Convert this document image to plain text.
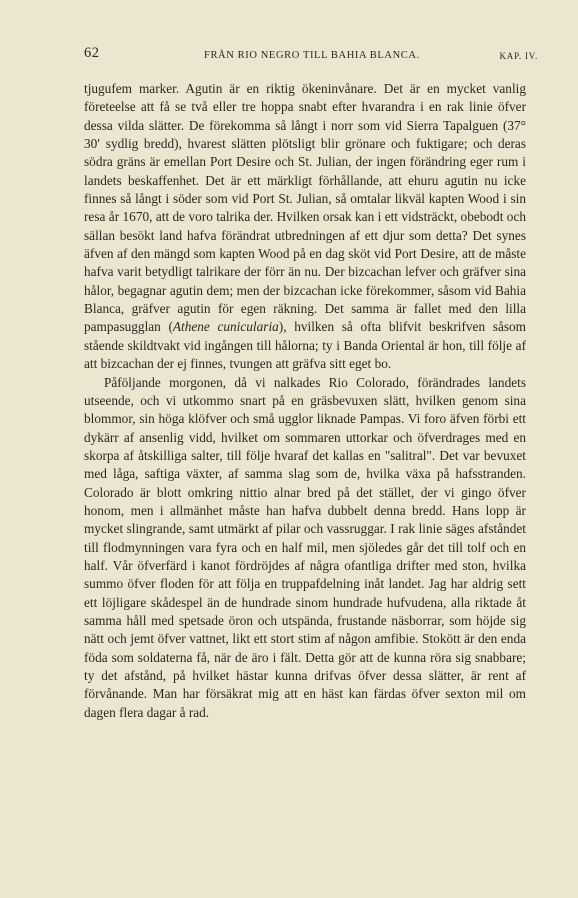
62	FRÅN RIO NEGRO TILL BAHIA BLANCA.	KAP. IV.

tjugufem marker. Agutin är en riktig ökeninvånare. Det är en mycket vanlig företeelse att få se två eller tre hoppa snabt efter hvarandra i en rak linie öfver dessa vilda slätter. De förekomma så långt i norr som vid Sierra Tapalguen (37° 30′ sydlig bredd), hvarest slätten plötsligt blir grönare och fuktigare; och deras södra gräns är emellan Port Desire och St. Julian, der ingen förändring eger rum i landets beskaffenhet. Det är ett märkligt förhållande, att ehuru agutin nu icke finnes så långt i söder som vid Port St. Julian, så omtalar likväl kapten Wood i sin resa år 1670, att de voro talrika der. Hvilken orsak kan i ett vidsträckt, obebodt och sällan besökt land hafva förändrat utbredningen af ett djur som detta? Det synes äfven af den mängd som kapten Wood på en dag sköt vid Port Desire, att de måste hafva varit betydligt talrikare der förr än nu. Der bizcachan lefver och gräfver sina hålor, begagnar agutin dem; men der bizcachan icke förekommer, såsom vid Bahia Blanca, gräfver agutin för egen räkning. Det samma är fallet med den lilla pampasugglan (Athene cunicularia), hvilken så ofta blifvit beskrifven såsom stående skildtvakt vid ingången till hålorna; ty i Banda Oriental är hon, till följe af att bizcachan der ej finnes, tvungen att gräfva sitt eget bo.

Påföljande morgonen, då vi nalkades Rio Colorado, förändrades landets utseende, och vi utkommo snart på en gräsbevuxen slätt, hvilken genom sina blommor, sin höga klöfver och små ugglor liknade Pampas. Vi foro äfven förbi ett dykärr af ansenlig vidd, hvilket om sommaren uttorkar och öfverdrages med en skorpa af åtskilliga salter, till följe hvaraf det kallas en "salitral". Det var bevuxet med låga, saftiga växter, af samma slag som de, hvilka växa på hafsstranden. Colorado är blott omkring nittio alnar bred på det stället, der vi gingo öfver honom, men i allmänhet måste han hafva dubbelt denna bredd. Hans lopp är mycket slingrande, samt utmärkt af pilar och vassruggar. I rak linie säges afståndet till flodmynningen vara fyra och en half mil, men sjöledes går det till tolf och en half. Vår öfverfärd i kanot fördröjdes af några ofantliga drifter med ston, hvilka summo öfver floden för att följa en truppafdelning inåt landet. Jag har aldrig sett ett löjligare skådespel än de hundrade sinom hundrade hufvudena, alla riktade åt samma håll med spetsade öron och utspända, frustande näsborrar, som höjde sig nätt och jemt öfver vattnet, likt ett stort stim af någon amfibie. Stokött är den enda föda som soldaterna få, när de äro i fält. Detta gör att de kunna röra sig snabbare; ty det afstånd, på hvilket hästar kunna drifvas öfver dessa slätter, är rent af förvånande. Man har försäkrat mig att en häst kan färdas öfver sexton mil om dagen flera dagar å rad.
